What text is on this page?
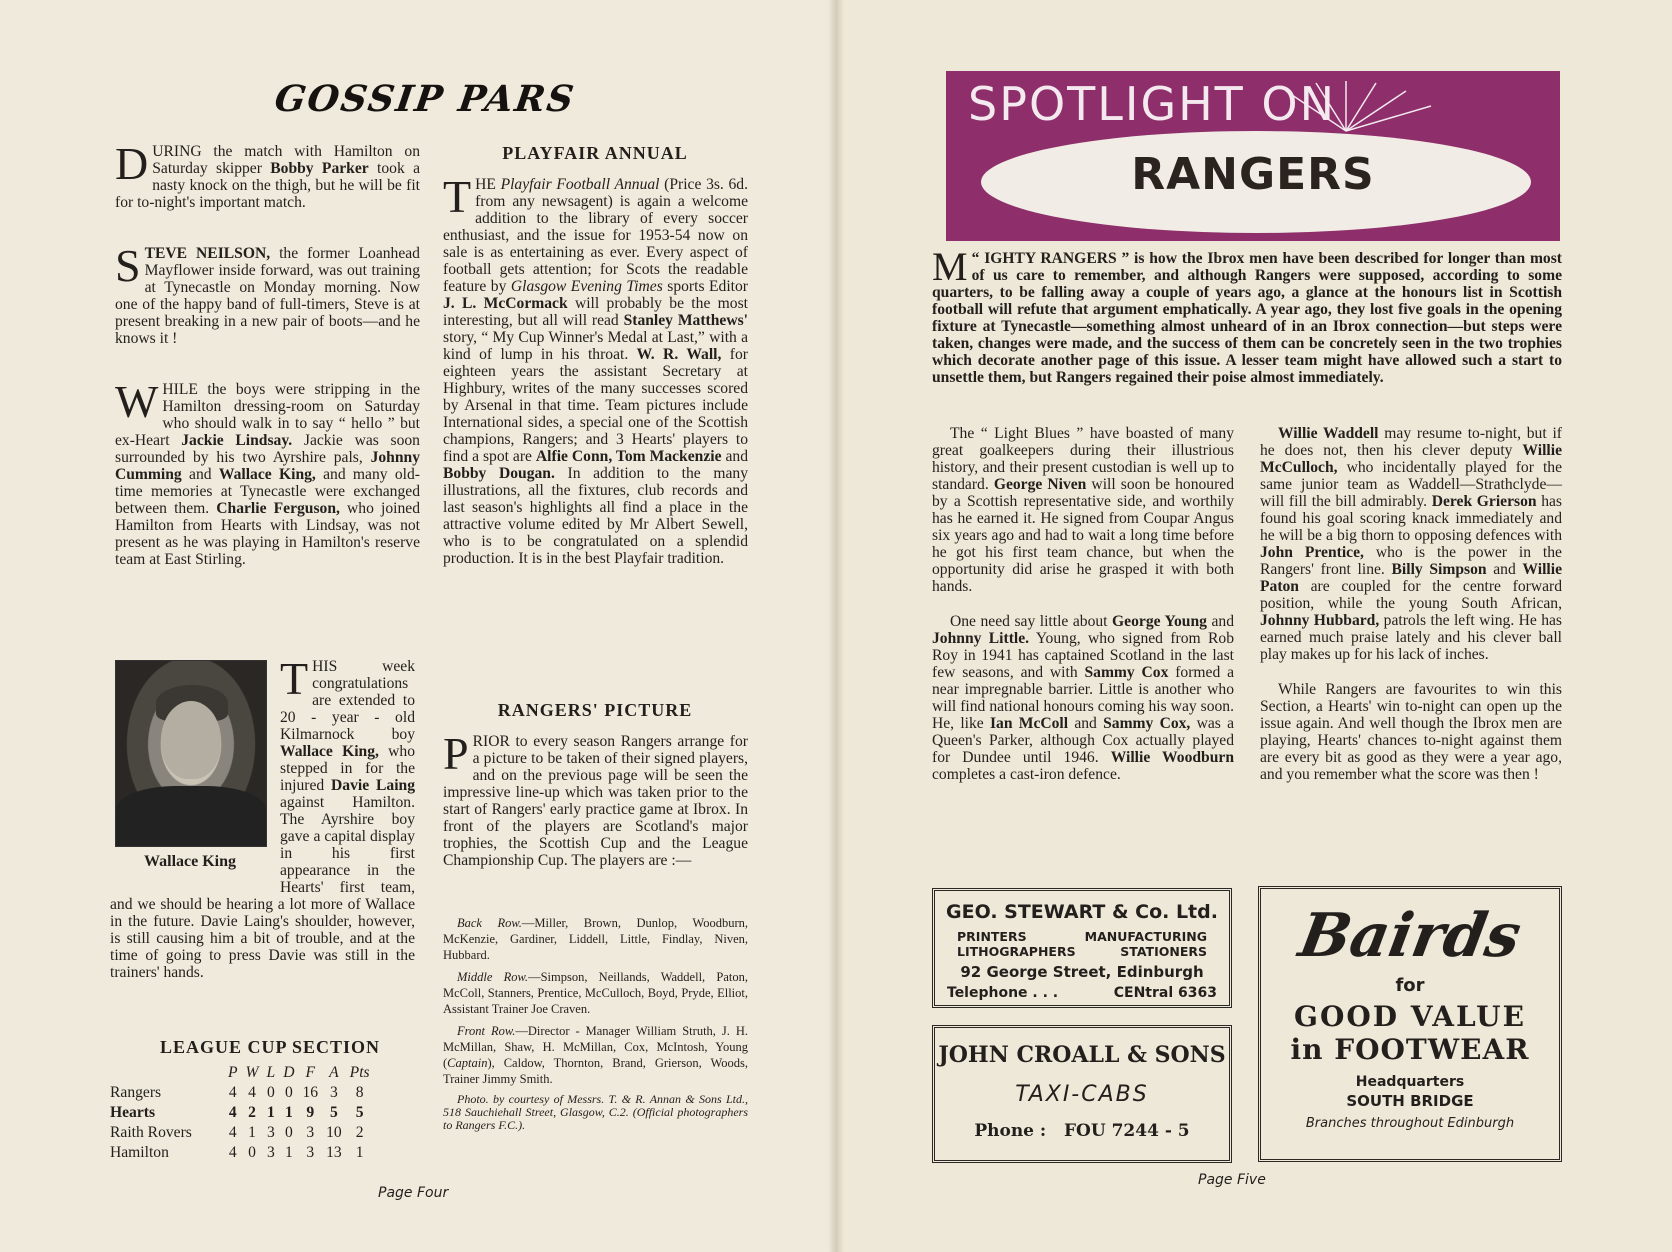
GOSSIP PARS

DURING the match with Hamilton on Saturday skipper Bobby Parker took a nasty knock on the thigh, but he will be fit for to-night's important match.

STEVE NEILSON, the former Loanhead Mayflower inside forward, was out training at Tynecastle on Monday morning. Now one of the happy band of full-timers, Steve is at present breaking in a new pair of boots—and he knows it !

WHILE the boys were stripping in the Hamilton dressing-room on Saturday who should walk in to say “ hello ” but ex-Heart Jackie Lindsay. Jackie was soon surrounded by his two Ayrshire pals, Johnny Cumming and Wallace King, and many old-time memories at Tynecastle were exchanged between them. Charlie Ferguson, who joined Hamilton from Hearts with Lindsay, was not present as he was playing in Hamilton's reserve team at East Stirling.

Wallace King
THIS week congratulations are extended to 20 - year - old Kilmarnock boy Wallace King, who stepped in for the injured Davie Laing against Hamilton. The Ayrshire boy gave a capital display in his first appearance in the Hearts' first team, and we should be hearing a lot more of Wallace in the future. Davie Laing's shoulder, however, is still causing him a bit of trouble, and at the time of going to press Davie was still in the trainers' hands.
LEAGUE CUP SECTION
	P	W	L	D	F	A	Pts
Rangers	4	4	0	0	16	3	8
Hearts	4	2	1	1	9	5	5
Raith Rovers	4	1	3	0	3	10	2
Hamilton	4	0	3	1	3	13	1
PLAYFAIR ANNUAL
THE Playfair Football Annual (Price 3s. 6d. from any newsagent) is again a welcome addition to the library of every soccer enthusiast, and the issue for 1953-54 now on sale is as entertaining as ever. Every aspect of football gets attention; for Scots the readable feature by Glasgow Evening Times sports Editor J. L. McCormack will probably be the most interesting, but all will read Stanley Matthews' story, “ My Cup Winner's Medal at Last,” with a kind of lump in his throat. W. R. Wall, for eighteen years the assistant Secretary at Highbury, writes of the many successes scored by Arsenal in that time. Team pictures include International sides, a special one of the Scottish champions, Rangers; and 3 Hearts' players to find a spot are Alfie Conn, Tom Mackenzie and Bobby Dougan. In addition to the many illustrations, all the fixtures, club records and last season's highlights all find a place in the attractive volume edited by Mr Albert Sewell, who is to be congratulated on a splendid production. It is in the best Playfair tradition.
RANGERS' PICTURE
PRIOR to every season Rangers arrange for a picture to be taken of their signed players, and on the previous page will be seen the impressive line-up which was taken prior to the start of Rangers' early practice game at Ibrox. In front of the players are Scotland's major trophies, the Scottish Cup and the League Championship Cup. The players are :—

Back Row.—Miller, Brown, Dunlop, Woodburn, McKenzie, Gardiner, Liddell, Little, Findlay, Niven, Hubbard.

Middle Row.—Simpson, Neillands, Waddell, Paton, McColl, Stanners, Prentice, McCulloch, Boyd, Pryde, Elliot, Assistant Trainer Joe Craven.

Front Row.—Director - Manager William Struth, J. H. McMillan, Shaw, H. McMillan, Cox, McIntosh, Young (Captain), Caldow, Thornton, Brand, Grierson, Woods, Trainer Jimmy Smith.

Photo. by courtesy of Messrs. T. & R. Annan & Sons Ltd., 518 Sauchiehall Street, Glasgow, C.2. (Official photographers to Rangers F.C.).

Page Four
SPOTLIGHT ON
RANGERS
“
M IGHTY RANGERS ” is how the Ibrox men have been described for longer than most of us care to remember, and although Rangers were supposed, according to some quarters, to be falling away a couple of years ago, a glance at the honours list in Scottish football will refute that argument emphatically. A year ago, they lost five goals in the opening fixture at Tynecastle—something almost unheard of in an Ibrox connection—but steps were taken, changes were made, and the success of them can be concretely seen in the two trophies which decorate another page of this issue. A lesser team might have allowed such a start to unsettle them, but Rangers regained their poise almost immediately.

The “ Light Blues ” have boasted of many great goalkeepers during their illustrious history, and their present custodian is well up to standard. George Niven will soon be honoured by a Scottish representative side, and worthily has he earned it. He signed from Coupar Angus six years ago and had to wait a long time before he got his first team chance, but when the opportunity did arise he grasped it with both hands.

One need say little about George Young and Johnny Little. Young, who signed from Rob Roy in 1941 has captained Scotland in the last few seasons, and with Sammy Cox formed a near impregnable barrier. Little is another who will find national honours coming his way soon. He, like Ian McColl and Sammy Cox, was a Queen's Parker, although Cox actually played for Dundee until 1946. Willie Woodburn completes a cast-iron defence.

Willie Waddell may resume to-night, but if he does not, then his clever deputy Willie McCulloch, who incidentally played for the same junior team as Waddell—Strathclyde—will fill the bill admirably. Derek Grierson has found his goal scoring knack immediately and he will be a big thorn to opposing defences with John Prentice, who is the power in the Rangers' front line. Billy Simpson and Willie Paton are coupled for the centre forward position, while the young South African, Johnny Hubbard, patrols the left wing. He has earned much praise lately and his clever ball play makes up for his lack of inches.

While Rangers are favourites to win this Section, a Hearts' win to-night can open up the issue again. And well though the Ibrox men are playing, Hearts' chances to-night against them are every bit as good as they were a year ago, and you remember what the score was then !

GEO. STEWART & Co. Ltd.
PRINTERS	MANUFACTURING
LITHOGRAPHERS	STATIONERS
92 George Street, Edinburgh
Telephone . . .	CENtral 6363
JOHN CROALL & SONS
TAXI-CABS
Phone : FOU 7244 - 5
Bairds
for
GOOD VALUE
in FOOTWEAR
Headquarters
SOUTH BRIDGE
Branches throughout Edinburgh
Page Five
